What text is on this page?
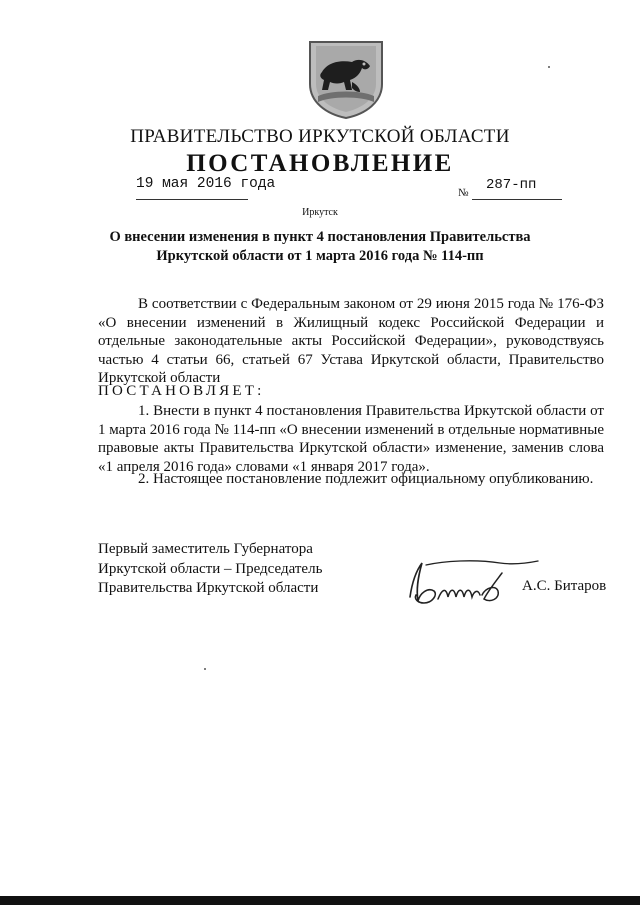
ПРАВИТЕЛЬСТВО ИРКУТСКОЙ ОБЛАСТИ
ПОСТАНОВЛЕНИЕ
19 мая 2016 года
№ 287-пп
Иркутск
О внесении изменения в пункт 4 постановления Правительства
Иркутской области от 1 марта 2016 года № 114-пп
В соответствии с Федеральным законом от 29 июня 2015 года № 176-ФЗ «О внесении изменений в Жилищный кодекс Российской Федерации и отдельные законодательные акты Российской Федерации», руководствуясь частью 4 статьи 66, статьей 67 Устава Иркутской области, Правительство Иркутской области
ПОСТАНОВЛЯЕТ:
1. Внести в пункт 4 постановления Правительства Иркутской области от 1 марта 2016 года № 114-пп «О внесении изменений в отдельные нормативные правовые акты Правительства Иркутской области» изменение, заменив слова «1 апреля 2016 года» словами «1 января 2017 года».
2. Настоящее постановление подлежит официальному опубликованию.
Первый заместитель Губернатора
Иркутской области – Председатель
Правительства Иркутской области	А.С. Битаров
